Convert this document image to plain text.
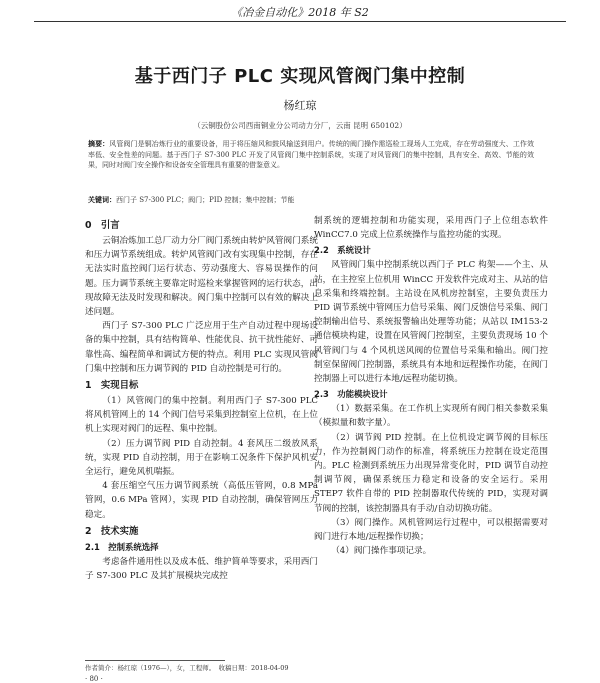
《冶金自动化》2018 年 S2
基于西门子 PLC 实现风管阀门集中控制
杨红琼
（云铜股份公司西南铜业分公司动力分厂，云南 昆明 650102）
摘要：风管阀门是铜冶炼行业的重要设备，用于将压缩风和鼓风输送到用户。传统的阀门操作需巡检工现场人工完成，存在劳动强度大、工作效率低、安全性差的问题。基于西门子 S7-300 PLC 开发了风管阀门集中控制系统，实现了对风管阀门的集中控制，具有安全、高效、节能的效果，同时对阀门安全操作和设备安全管理具有重要的借鉴意义。
关键词：西门子 S7-300 PLC；阀门；PID 控制；集中控制；节能
0　引言

云铜冶炼加工总厂动力分厂阀门系统由转炉风管阀门系统和压力调节系统组成。转炉风管阀门改有实现集中控制，存在无法实时监控阀门运行状态、劳动强度大、容易误操作的问题。压力调节系统主要靠定时巡检来掌握管网的运行状态，出现故障无法及时发现和解决。阀门集中控制可以有效的解决上述问题。

西门子 S7-300 PLC 广泛应用于生产自动过程中现场设备的集中控制，具有结构简单、性能优良、抗干扰性能好、可靠性高、编程简单和调试方便的特点。利用 PLC 实现风管阀门集中控制和压力调节阀的 PID 自动控制是可行的。

1　实现目标

（1）风管阀门的集中控制。利用西门子 S7-300 PLC 将风机管网上的 14 个阀门信号采集到控制室上位机，在上位机上实现对阀门的远程、集中控制。

（2）压力调节阀 PID 自动控制。4 套风压二级放风系统，实现 PID 自动控制，用于在影响工况条件下保护风机安全运行，避免风机喘振。

4 套压缩空气压力调节阀系统（高低压管网，0.8 MPa 管网，0.6 MPa 管网），实现 PID 自动控制，确保管网压力稳定。

2　技术实施
2.1　控制系统选择

考虑备件通用性以及成本低、维护简单等要求，采用西门子 S7-300 PLC 及其扩展模块完成控

制系统的逻辑控制和功能实现，采用西门子上位组态软件 WinCC7.0 完成上位系统操作与监控功能的实现。

2.2　系统设计

风管阀门集中控制系统以西门子 PLC 构架——个主、从站，在主控室上位机用 WinCC 开发软件完成对主、从站的信息采集和终端控制。主站设在风机房控制室，主要负责压力 PID 调节系统中管网压力信号采集、阀门反馈信号采集、阀门控制输出信号、系统报警输出处理等功能；从站以 IM153-2 通信模块构建，设置在风管阀门控制室，主要负责现场 10 个风管阀门与 4 个风机送风阀的位置信号采集和输出。阀门控制室保留阀门控制器，系统具有本地和远程操作功能，在阀门控制器上可以进行本地/远程功能切换。

2.3　功能模块设计

（1）数据采集。在工作机上实现所有阀门相关参数采集（模拟量和数字量）。

（2）调节阀 PID 控制。在上位机设定调节阀的目标压力，作为控制阀门动作的标准，将系统压力控制在设定范围内。PLC 检测到系统压力出现异常变化时，PID 调节自动控制调节阀，确保系统压力稳定和设备的安全运行。采用 STEP7 软件自带的 PID 控制器取代传统的 PID，实现对调节阀的控制，该控制器具有手动/自动切换功能。

（3）阀门操作。风机管网运行过程中，可以根据需要对阀门进行本地/远程操作切换；

（4）阀门操作事项记录。

作者简介：杨红琼（1976—），女，工程师。　收稿日期：2018-04-09
· 80 ·
